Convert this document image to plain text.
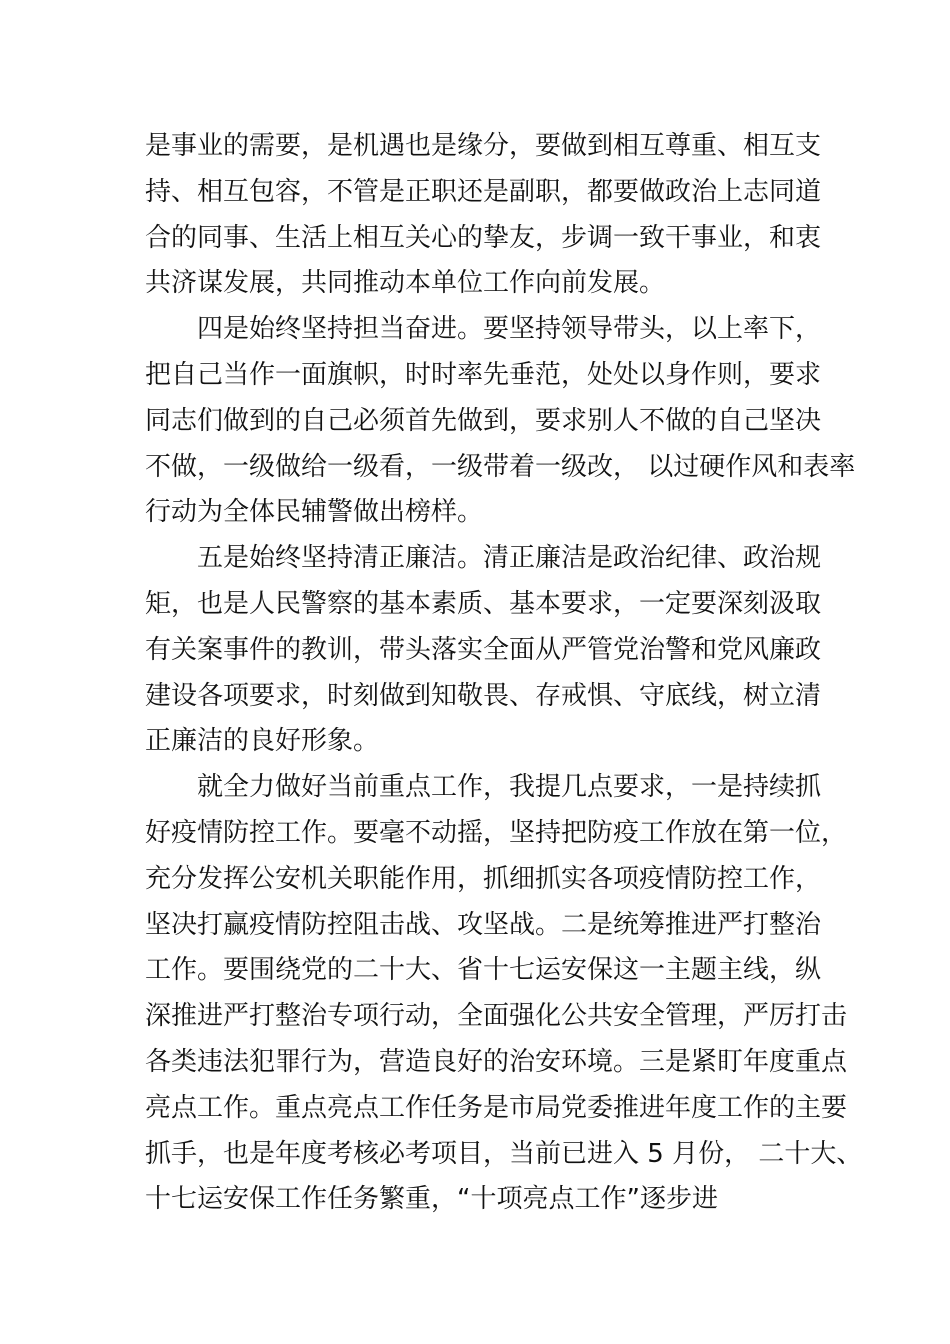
是事业的需要，是机遇也是缘分，要做到相互尊重、相互支
持、相互包容，不管是正职还是副职，都要做政治上志同道
合的同事、生活上相互关心的挚友，步调一致干事业，和衷
共济谋发展，共同推动本单位工作向前发展。
四是始终坚持担当奋进。要坚持领导带头，以上率下，
把自己当作一面旗帜，时时率先垂范，处处以身作则，要求
同志们做到的自己必须首先做到，要求别人不做的自己坚决
不做，一级做给一级看，一级带着一级改， 以过硬作风和表率
行动为全体民辅警做出榜样。
五是始终坚持清正廉洁。清正廉洁是政治纪律、政治规
矩，也是人民警察的基本素质、基本要求，一定要深刻汲取
有关案事件的教训，带头落实全面从严管党治警和党风廉政
建设各项要求，时刻做到知敬畏、存戒惧、守底线，树立清
正廉洁的良好形象。
就全力做好当前重点工作，我提几点要求，一是持续抓
好疫情防控工作。要毫不动摇，坚持把防疫工作放在第一位，
充分发挥公安机关职能作用，抓细抓实各项疫情防控工作，
坚决打赢疫情防控阻击战、攻坚战。二是统筹推进严打整治
工作。要围绕党的二十大、省十七运安保这一主题主线，纵
深推进严打整治专项行动，全面强化公共安全管理，严厉打击
各类违法犯罪行为，营造良好的治安环境。三是紧盯年度重点
亮点工作。重点亮点工作任务是市局党委推进年度工作的主要
抓手，也是年度考核必考项目，当前已进入 5 月份， 二十大、
十七运安保工作任务繁重，“十项亮点工作”逐步进
